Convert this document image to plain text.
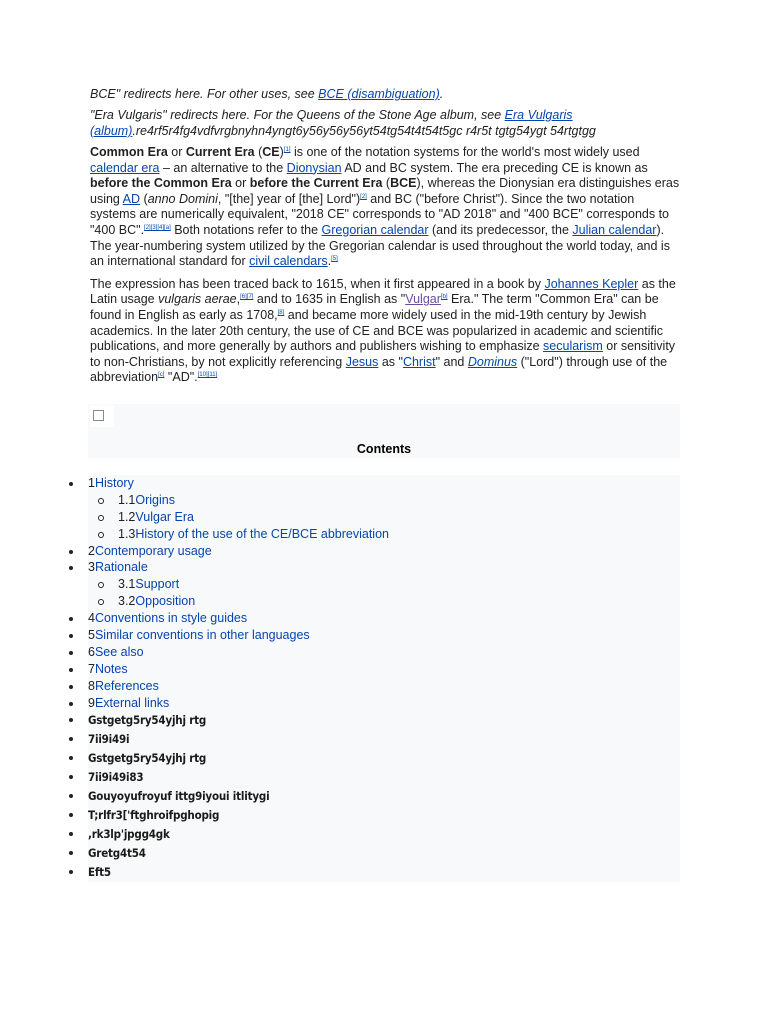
BCE" redirects here. For other uses, see BCE (disambiguation).
"Era Vulgaris" redirects here. For the Queens of the Stone Age album, see Era Vulgaris (album).re4rf5r4fg4vdfvrgbnyhn4yngt6y56y56y56yt54tg54t4t54t5gc r4r5t tgtg54ygt 54rtgtgg

Common Era or Current Era (CE)[1] is one of the notation systems for the world's most widely used calendar era – an alternative to the Dionysian AD and BC system. The era preceding CE is known as before the Common Era or before the Current Era (BCE), whereas the Dionysian era distinguishes eras using AD (anno Domini, "[the] year of [the] Lord")[2] and BC ("before Christ"). Since the two notation systems are numerically equivalent, "2018 CE" corresponds to "AD 2018" and "400 BCE" corresponds to "400 BC".[2][3][4][a] Both notations refer to the Gregorian calendar (and its predecessor, the Julian calendar). The year-numbering system utilized by the Gregorian calendar is used throughout the world today, and is an international standard for civil calendars.[5]

The expression has been traced back to 1615, when it first appeared in a book by Johannes Kepler as the Latin usage vulgaris aerae,[6][7] and to 1635 in English as "Vulgar[b] Era." The term "Common Era" can be found in English as early as 1708,[8] and became more widely used in the mid-19th century by Jewish academics. In the later 20th century, the use of CE and BCE was popularized in academic and scientific publications, and more generally by authors and publishers wishing to emphasize secularism or sensitivity to non-Christians, by not explicitly referencing Jesus as "Christ" and Dominus ("Lord") through use of the abbreviation[c] "AD".[10][11]

Contents
1History
1.1Origins
1.2Vulgar Era
1.3History of the use of the CE/BCE abbreviation
2Contemporary usage
3Rationale
3.1Support
3.2Opposition
4Conventions in style guides
5Similar conventions in other languages
6See also
7Notes
8References
9External links
Gstgetg5ry54yjhj rtg
7ii9i49i
Gstgetg5ry54yjhj rtg
7ii9i49i83
Gouyoyufroyuf ittg9iyoui itlitygi
T;rlfr3['ftghroifpghopig
,rk3lp'jpgg4gk
Gretg4t54
Eft5
